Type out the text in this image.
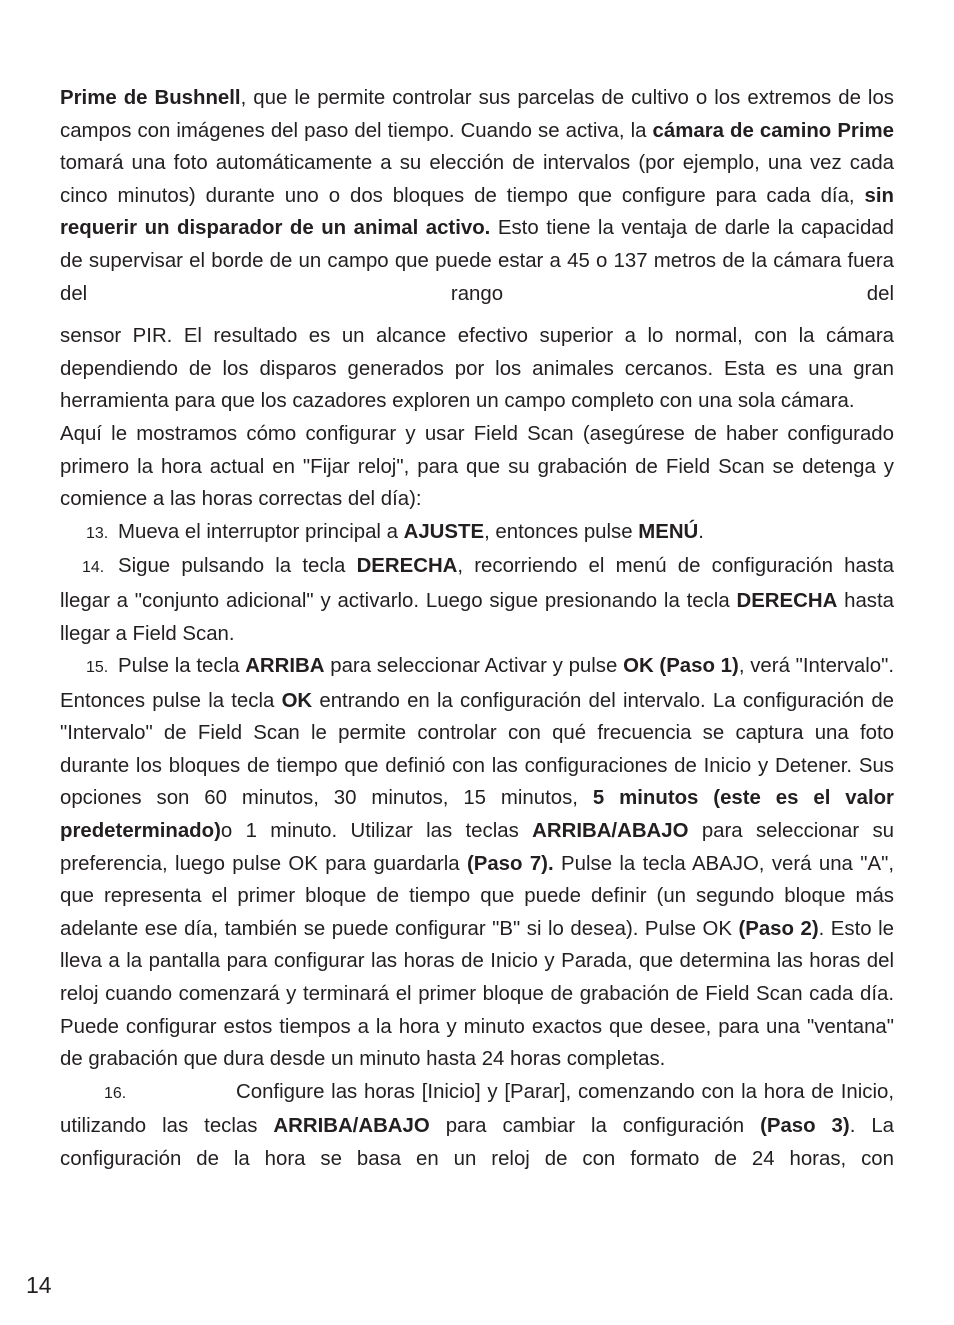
Prime de Bushnell, que le permite controlar sus parcelas de cultivo o los extremos de los campos con imágenes del paso del tiempo. Cuando se activa, la cámara de camino Prime tomará una foto automáticamente a su elección de intervalos (por ejemplo, una vez cada cinco minutos) durante uno o dos bloques de tiempo que configure para cada día, sin requerir un disparador de un animal activo. Esto tiene la ventaja de darle la capacidad de supervisar el borde de un campo que puede estar a 45 o 137 metros de la cámara fuera del rango del

sensor PIR. El resultado es un alcance efectivo superior a lo normal, con la cámara dependiendo de los disparos generados por los animales cercanos. Esta es una gran herramienta para que los cazadores exploren un campo completo con una sola cámara.

Aquí le mostramos cómo configurar y usar Field Scan (asegúrese de haber configurado primero la hora actual en "Fijar reloj", para que su grabación de Field Scan se detenga y comience a las horas correctas del día):

13. Mueva el interruptor principal a AJUSTE, entonces pulse MENÚ.

14. Sigue pulsando la tecla DERECHA, recorriendo el menú de configuración hasta llegar a "conjunto adicional" y activarlo. Luego sigue presionando la tecla DERECHA hasta llegar a Field Scan.

15. Pulse la tecla ARRIBA para seleccionar Activar y pulse OK (Paso 1), verá "Intervalo". Entonces pulse la tecla OK entrando en la configuración del intervalo. La configuración de "Intervalo" de Field Scan le permite controlar con qué frecuencia se captura una foto durante los bloques de tiempo que definió con las configuraciones de Inicio y Detener. Sus opciones son 60 minutos, 30 minutos, 15 minutos, 5 minutos (este es el valor predeterminado)o 1 minuto. Utilizar las teclas ARRIBA/ABAJO para seleccionar su preferencia, luego pulse OK para guardarla (Paso 7). Pulse la tecla ABAJO, verá una "A", que representa el primer bloque de tiempo que puede definir (un segundo bloque más adelante ese día, también se puede configurar "B" si lo desea). Pulse OK (Paso 2). Esto le lleva a la pantalla para configurar las horas de Inicio y Parada, que determina las horas del reloj cuando comenzará y terminará el primer bloque de grabación de Field Scan cada día. Puede configurar estos tiempos a la hora y minuto exactos que desee, para una "ventana" de grabación que dura desde un minuto hasta 24 horas completas.

16.	Configure las horas [Inicio] y [Parar], comenzando con la hora de Inicio, utilizando las teclas ARRIBA/ABAJO para cambiar la configuración (Paso 3). La configuración de la hora se basa en un reloj de con formato de 24 horas, con

14
